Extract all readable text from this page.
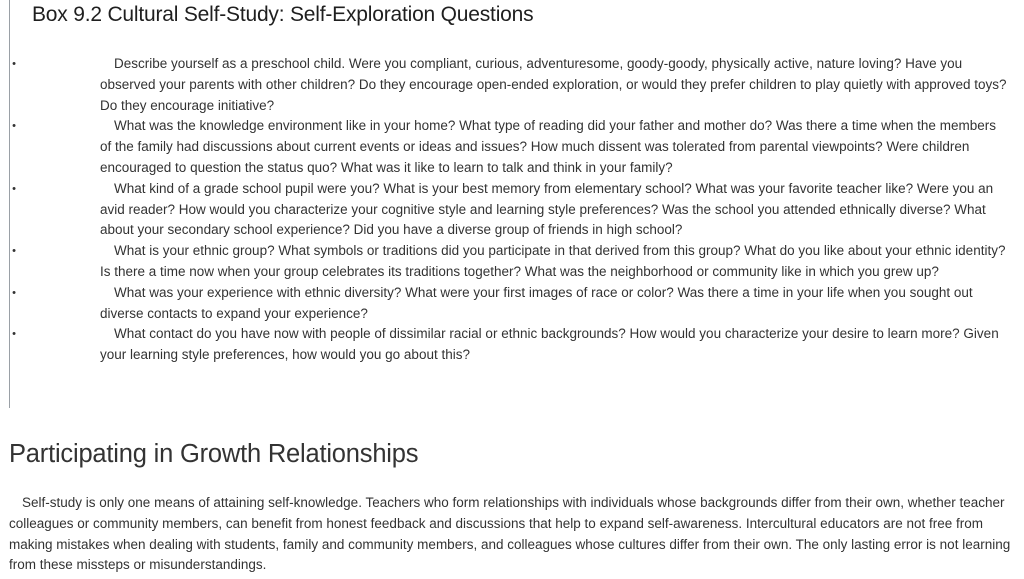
Box 9.2 Cultural Self-Study: Self-Exploration Questions
•	Describe yourself as a preschool child. Were you compliant, curious, adventuresome, goody-goody, physically active, nature loving? Have you observed your parents with other children? Do they encourage open-ended exploration, or would they prefer children to play quietly with approved toys? Do they encourage initiative?
•	What was the knowledge environment like in your home? What type of reading did your father and mother do? Was there a time when the members of the family had discussions about current events or ideas and issues? How much dissent was tolerated from parental viewpoints? Were children encouraged to question the status quo? What was it like to learn to talk and think in your family?
•	What kind of a grade school pupil were you? What is your best memory from elementary school? What was your favorite teacher like? Were you an avid reader? How would you characterize your cognitive style and learning style preferences? Was the school you attended ethnically diverse? What about your secondary school experience? Did you have a diverse group of friends in high school?
•	What is your ethnic group? What symbols or traditions did you participate in that derived from this group? What do you like about your ethnic identity? Is there a time now when your group celebrates its traditions together? What was the neighborhood or community like in which you grew up?
•	What was your experience with ethnic diversity? What were your first images of race or color? Was there a time in your life when you sought out diverse contacts to expand your experience?
•	What contact do you have now with people of dissimilar racial or ethnic backgrounds? How would you characterize your desire to learn more? Given your learning style preferences, how would you go about this?
Participating in Growth Relationships

Self-study is only one means of attaining self-knowledge. Teachers who form relationships with individuals whose backgrounds differ from their own, whether teacher colleagues or community members, can benefit from honest feedback and discussions that help to expand self-awareness. Intercultural educators are not free from making mistakes when dealing with students, family and community members, and colleagues whose cultures differ from their own. The only lasting error is not learning from these missteps or misunderstandings.
